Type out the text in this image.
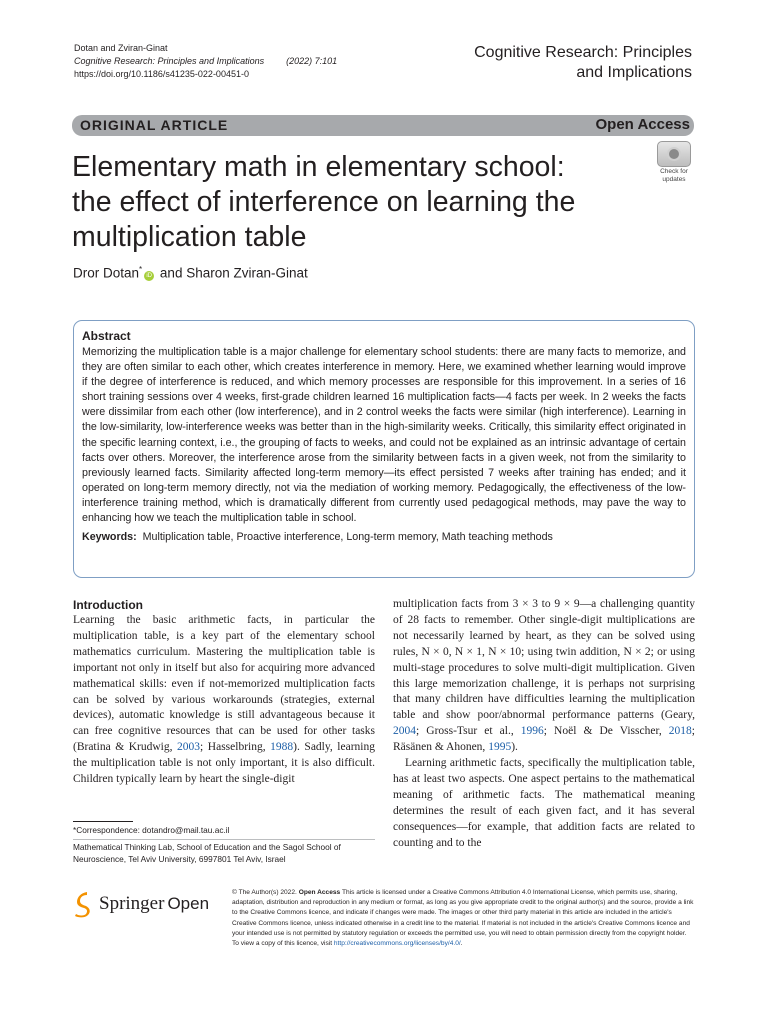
Dotan and Zviran-Ginat
Cognitive Research: Principles and Implications (2022) 7:101
https://doi.org/10.1186/s41235-022-00451-0
Cognitive Research: Principles
and Implications
ORIGINAL ARTICLE	Open Access
Elementary math in elementary school: the effect of interference on learning the multiplication table
Check for
updates
Dror Dotan*iD and Sharon Zviran-Ginat
Abstract

Memorizing the multiplication table is a major challenge for elementary school students: there are many facts to memorize, and they are often similar to each other, which creates interference in memory. Here, we examined whether learning would improve if the degree of interference is reduced, and which memory processes are responsible for this improvement. In a series of 16 short training sessions over 4 weeks, first-grade children learned 16 multiplication facts—4 facts per week. In 2 weeks the facts were dissimilar from each other (low interference), and in 2 control weeks the facts were similar (high interference). Learning in the low-similarity, low-interference weeks was better than in the high-similarity weeks. Critically, this similarity effect originated in the specific learning context, i.e., the grouping of facts to weeks, and could not be explained as an intrinsic advantage of certain facts over others. Moreover, the interference arose from the similarity between facts in a given week, not from the similarity to previously learned facts. Similarity affected long-term memory—its effect persisted 7 weeks after training has ended; and it operated on long-term memory directly, not via the mediation of working memory. Pedagogically, the effectiveness of the low-interference training method, which is dramatically different from currently used pedagogical methods, may pave the way to enhancing how we teach the multiplication table in school.

Keywords: Multiplication table, Proactive interference, Long-term memory, Math teaching methods
Introduction

Learning the basic arithmetic facts, in particular the multiplication table, is a key part of the elementary school mathematics curriculum. Mastering the multiplication table is important not only in itself but also for acquiring more advanced mathematical skills: even if not-memorized multiplication facts can be solved by various workarounds (strategies, external devices), automatic knowledge is still advantageous because it can free cognitive resources that can be used for other tasks (Bratina & Krudwig, 2003; Hasselbring, 1988). Sadly, learning the multiplication table is not only important, it is also difficult. Children typically learn by heart the single-digit

multiplication facts from 3 × 3 to 9 × 9—a challenging quantity of 28 facts to remember. Other single-digit multiplications are not necessarily learned by heart, as they can be solved using rules, N × 0, N × 1, N × 10; using twin addition, N × 2; or using multi-stage procedures to solve multi-digit multiplication. Given this large memorization challenge, it is perhaps not surprising that many children have difficulties learning the multiplication table and show poor/abnormal performance patterns (Geary, 2004; Gross-Tsur et al., 1996; Noël & De Visscher, 2018; Räsänen & Ahonen, 1995).

Learning arithmetic facts, specifically the multiplication table, has at least two aspects. One aspect pertains to the mathematical meaning of arithmetic facts. The mathematical meaning determines the result of each given fact, and it has several consequences—for example, that addition facts are related to counting and to the

*Correspondence: dotandro@mail.tau.ac.il
Mathematical Thinking Lab, School of Education and the Sagol School of Neuroscience, Tel Aviv University, 6997801 Tel Aviv, Israel
Springer Open
© The Author(s) 2022. Open Access This article is licensed under a Creative Commons Attribution 4.0 International License, which permits use, sharing, adaptation, distribution and reproduction in any medium or format, as long as you give appropriate credit to the original author(s) and the source, provide a link to the Creative Commons licence, and indicate if changes were made. The images or other third party material in this article are included in the article's Creative Commons licence, unless indicated otherwise in a credit line to the material. If material is not included in the article's Creative Commons licence and your intended use is not permitted by statutory regulation or exceeds the permitted use, you will need to obtain permission directly from the copyright holder. To view a copy of this licence, visit http://creativecommons.org/licenses/by/4.0/.
